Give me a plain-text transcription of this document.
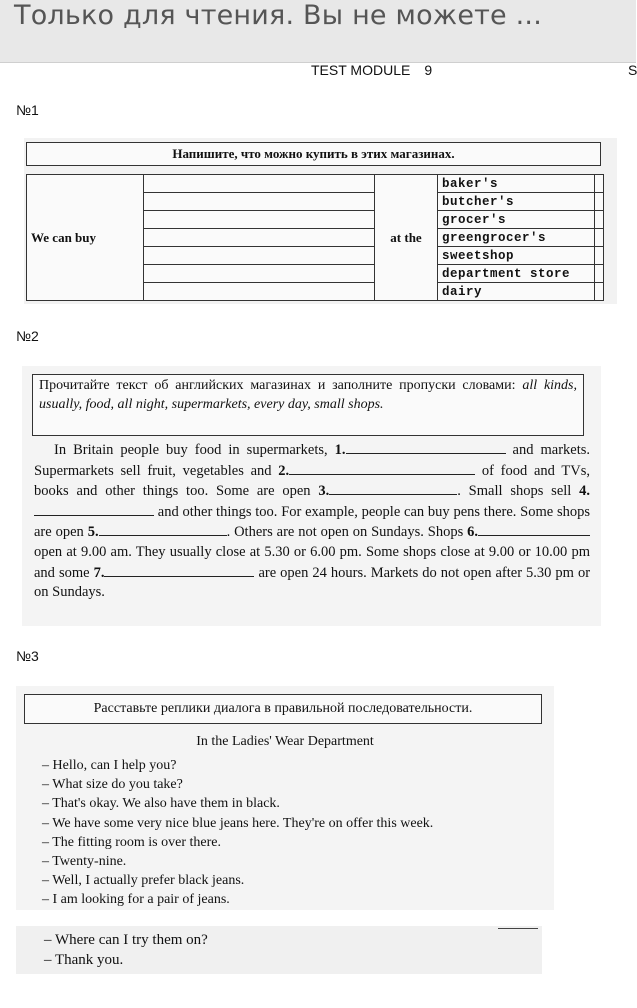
Только для чтения. Вы не можете ...
TEST MODULE 9	S
№1
Напишите, что можно купить в этих магазинах.
We can buy		at the	baker's	
			butcher's	
			grocer's	
			greengrocer's	
			sweetshop	
			department store	
			dairy	
№2
Прочитайте текст об английских магазинах и заполните пропуски словами: all kinds, usually, food, all night, supermarkets, every day, small shops.

In Britain people buy food in supermarkets, 1.	and markets. Supermarkets sell fruit, vegetables and 2.	of food and TVs, books and other things too. Some are open 3.	. Small shops sell 4. and other things too. For example, people can buy pens there. Some shops are open 5.	. Others are not open on Sundays. Shops 6. open at 9.00 am. They usually close at 5.30 or 6.00 pm. Some shops close at 9.00 or 10.00 pm and some 7.	are open 24 hours. Markets do not open after 5.30 pm or on Sundays.

№3
Расставьте реплики диалога в правильной последовательности.
In the Ladies' Wear Department
– Hello, can I help you?
– What size do you take?
– That's okay. We also have them in black.
– We have some very nice blue jeans here. They're on offer this week.
– The fitting room is over there.
– Twenty-nine.
– Well, I actually prefer black jeans.
– I am looking for a pair of jeans.
– Where can I try them on?
– Thank you.
